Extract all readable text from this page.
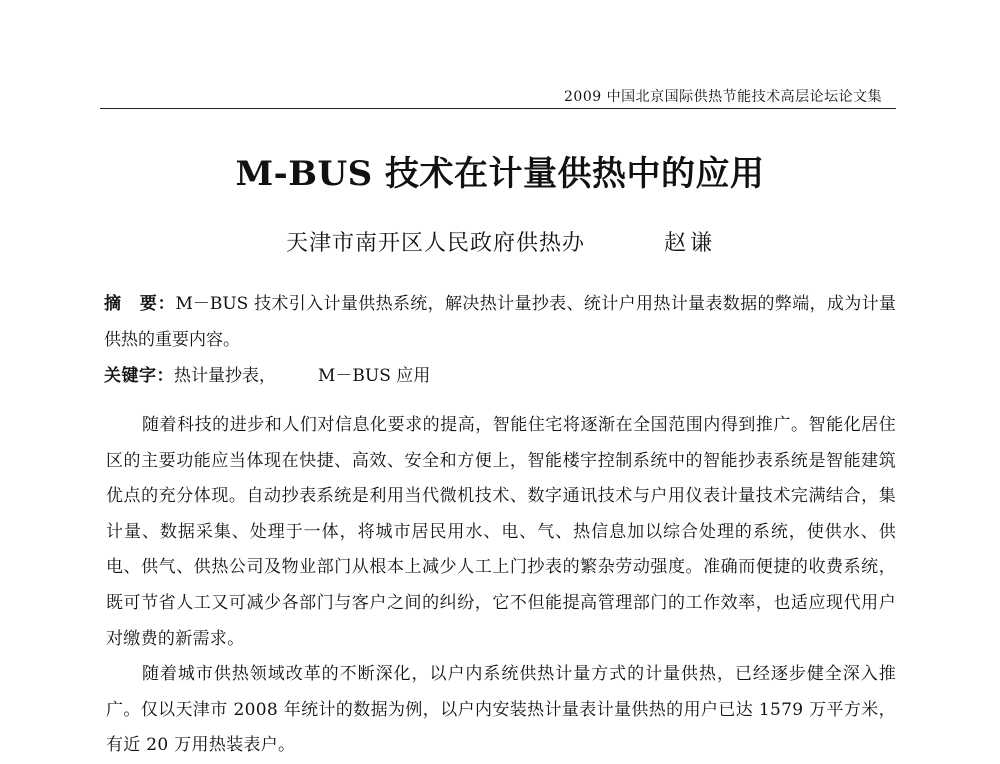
2009 中国北京国际供热节能技术高层论坛论文集
M-BUS 技术在计量供热中的应用
天津市南开区人民政府供热办	赵谦

摘　要：M－BUS 技术引入计量供热系统，解决热计量抄表、统计户用热计量表数据的弊端，成为计量供热的重要内容。

关键字：热计量抄表， M－BUS 应用

随着科技的进步和人们对信息化要求的提高，智能住宅将逐渐在全国范围内得到推广。智能化居住区的主要功能应当体现在快捷、高效、安全和方便上，智能楼宇控制系统中的智能抄表系统是智能建筑优点的充分体现。自动抄表系统是利用当代微机技术、数字通讯技术与户用仪表计量技术完满结合，集计量、数据采集、处理于一体，将城市居民用水、电、气、热信息加以综合处理的系统，使供水、供电、供气、供热公司及物业部门从根本上减少人工上门抄表的繁杂劳动强度。准确而便捷的收费系统，既可节省人工又可减少各部门与客户之间的纠纷，它不但能提高管理部门的工作效率，也适应现代用户对缴费的新需求。

随着城市供热领域改革的不断深化，以户内系统供热计量方式的计量供热，已经逐步健全深入推广。仅以天津市 2008 年统计的数据为例，以户内安装热计量表计量供热的用户已达 1579 万平方米，有近 20 万用热装表户。
